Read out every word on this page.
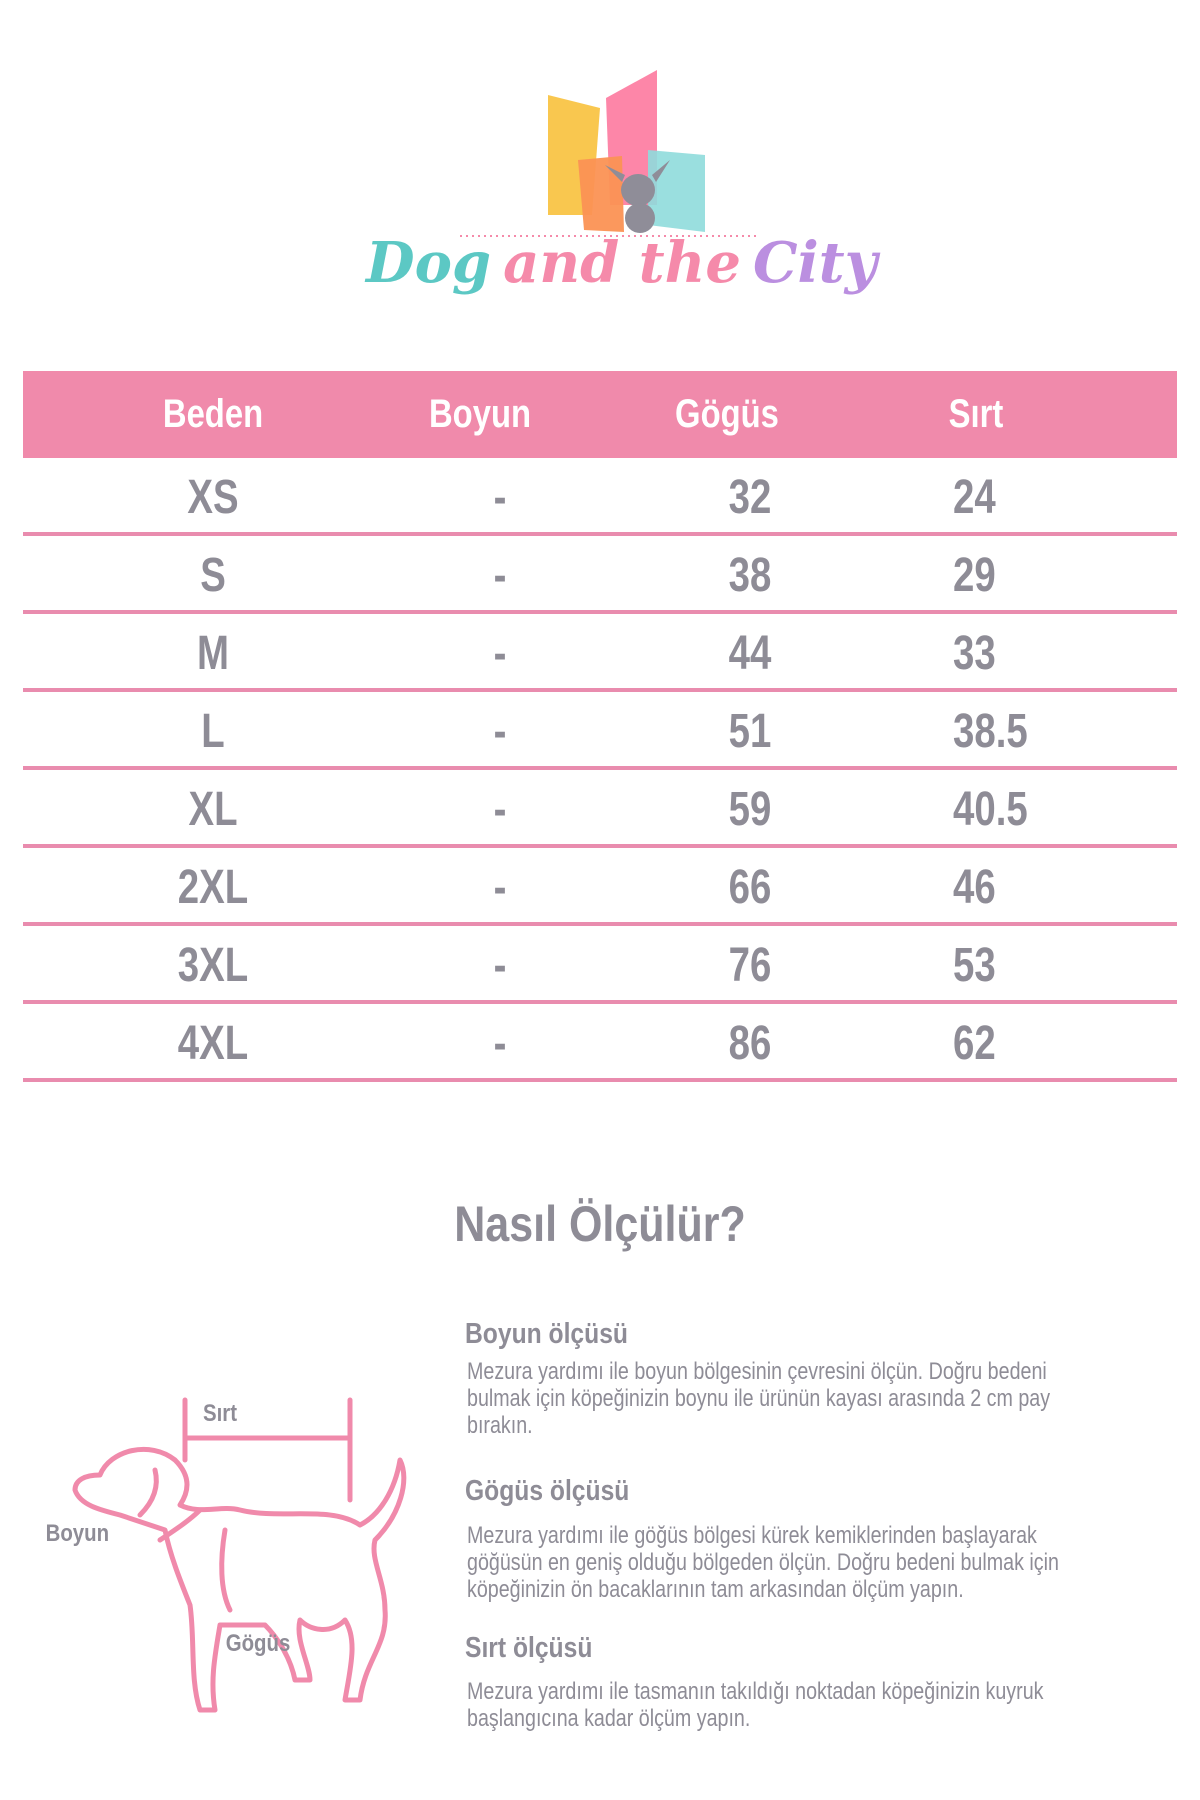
Dog and the City
Beden	Boyun	Gögüs	Sırt
XS	-	32	24
S	-	38	29
M	-	44	33
L	-	51	38.5
XL	-	59	40.5
2XL	-	66	46
3XL	-	76	53
4XL	-	86	62
Nasıl Ölçülür?
Sırt
Boyun
Gögüs
Boyun ölçüsü
Mezura yardımı ile boyun bölgesinin çevresini ölçün. Doğru bedeni bulmak için köpeğinizin boynu ile ürünün kayası arasında 2 cm pay bırakın.
Gögüs ölçüsü
Mezura yardımı ile göğüs bölgesi kürek kemiklerinden başlayarak göğüsün en geniş olduğu bölgeden ölçün. Doğru bedeni bulmak için köpeğinizin ön bacaklarının tam arkasından ölçüm yapın.
Sırt ölçüsü
Mezura yardımı ile tasmanın takıldığı noktadan köpeğinizin kuyruk başlangıcına kadar ölçüm yapın.
